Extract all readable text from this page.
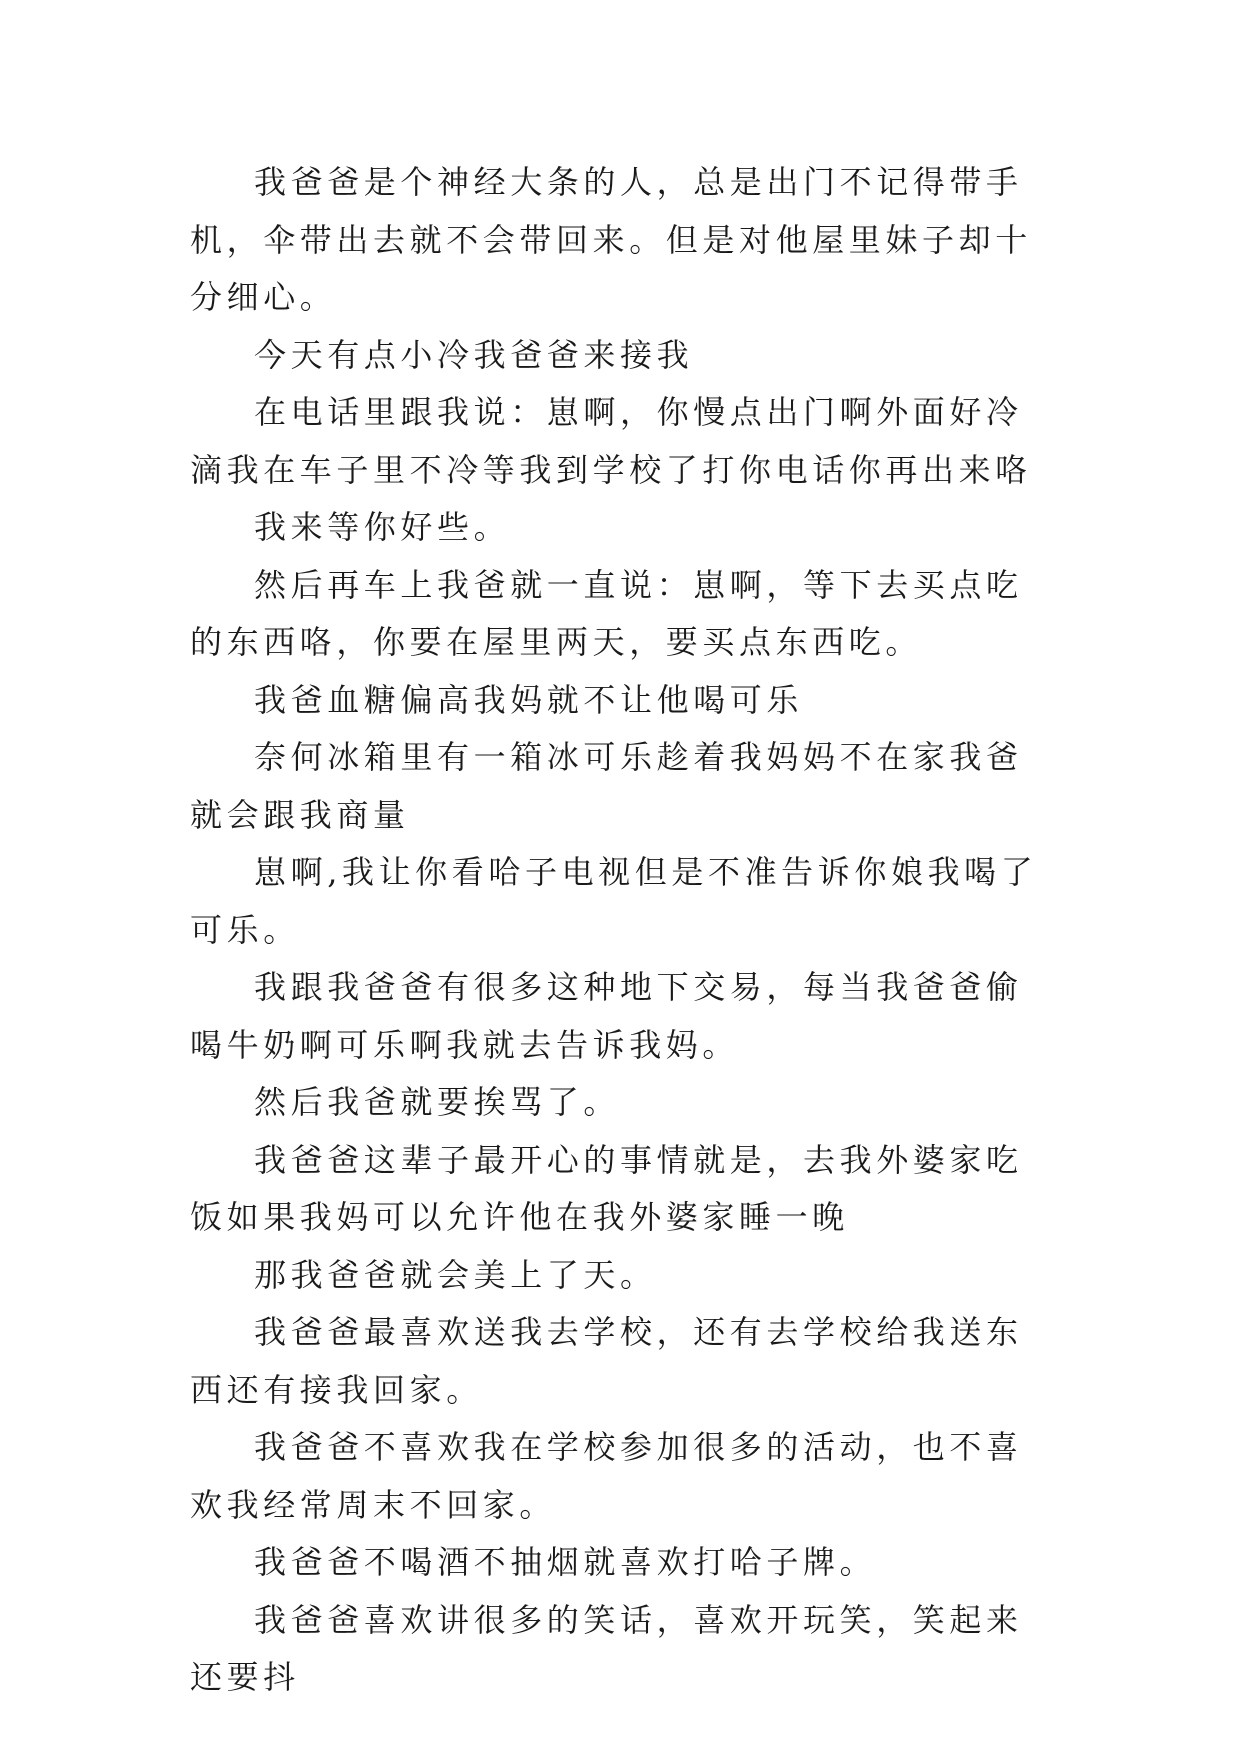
我爸爸是个神经大条的人，总是出门不记得带手机，伞带出去就不会带回来。但是对他屋里妹子却十分细心。

今天有点小冷我爸爸来接我

在电话里跟我说：崽啊，你慢点出门啊外面好冷滴我在车子里不冷等我到学校了打你电话你再出来咯

我来等你好些。

然后再车上我爸就一直说：崽啊，等下去买点吃的东西咯，你要在屋里两天，要买点东西吃。

我爸血糖偏高我妈就不让他喝可乐

奈何冰箱里有一箱冰可乐趁着我妈妈不在家我爸就会跟我商量

崽啊,我让你看哈子电视但是不准告诉你娘我喝了可乐。

我跟我爸爸有很多这种地下交易，每当我爸爸偷喝牛奶啊可乐啊我就去告诉我妈。

然后我爸就要挨骂了。

我爸爸这辈子最开心的事情就是，去我外婆家吃饭如果我妈可以允许他在我外婆家睡一晚

那我爸爸就会美上了天。

我爸爸最喜欢送我去学校，还有去学校给我送东西还有接我回家。

我爸爸不喜欢我在学校参加很多的活动，也不喜欢我经常周末不回家。

我爸爸不喝酒不抽烟就喜欢打哈子牌。

我爸爸喜欢讲很多的笑话，喜欢开玩笑，笑起来还要抖
